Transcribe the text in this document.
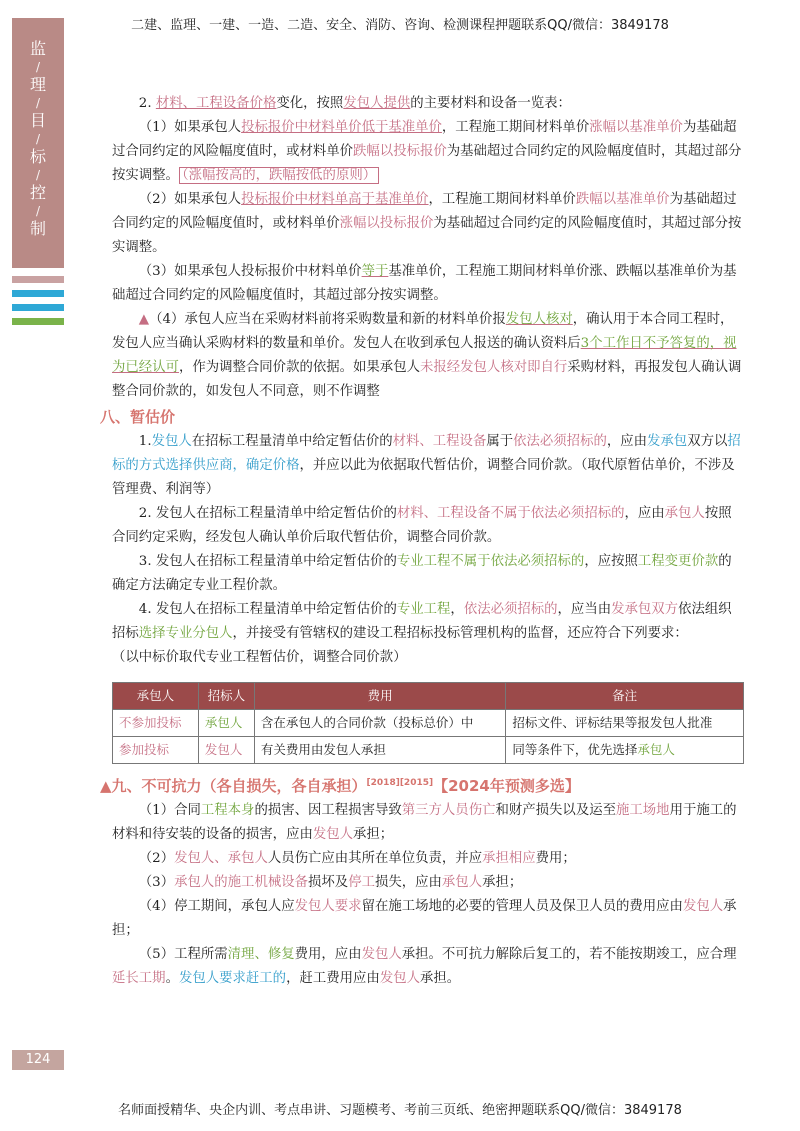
二建、监理、一建、一造、二造、安全、消防、咨询、检测课程押题联系QQ/微信：3849178
监
/
理
/
目
/
标
/
控
/
制

2. 材料、工程设备价格变化，按照发包人提供的主要材料和设备一览表：

（1）如果承包人投标报价中材料单价低于基准单价，工程施工期间材料单价涨幅以基准单价为基础超过合同约定的风险幅度值时，或材料单价跌幅以投标报价为基础超过合同约定的风险幅度值时，其超过部分按实调整。 （涨幅按高的，跌幅按低的原则）

（2）如果承包人投标报价中材料单高于基准单价，工程施工期间材料单价跌幅以基准单价为基础超过合同约定的风险幅度值时，或材料单价涨幅以投标报价为基础超过合同约定的风险幅度值时，其超过部分按实调整。

（3）如果承包人投标报价中材料单价等于基准单价，工程施工期间材料单价涨、跌幅以基准单价为基础超过合同约定的风险幅度值时，其超过部分按实调整。

▲（4）承包人应当在采购材料前将采购数量和新的材料单价报发包人核对，确认用于本合同工程时，发包人应当确认采购材料的数量和单价。发包人在收到承包人报送的确认资料后3个工作日不予答复的，视为已经认可，作为调整合同价款的依据。如果承包人未报经发包人核对即自行采购材料，再报发包人确认调整合同价款的，如发包人不同意，则不作调整

八、暂估价

1.发包人在招标工程量清单中给定暂估价的材料、工程设备属于依法必须招标的，应由发承包双方以招标的方式选择供应商，确定价格，并应以此为依据取代暂估价，调整合同价款。（取代原暂估单价，不涉及管理费、利润等）

2. 发包人在招标工程量清单中给定暂估价的材料、工程设备不属于依法必须招标的，应由承包人按照合同约定采购，经发包人确认单价后取代暂估价，调整合同价款。

3. 发包人在招标工程量清单中给定暂估价的专业工程不属于依法必须招标的，应按照工程变更价款的确定方法确定专业工程价款。

4. 发包人在招标工程量清单中给定暂估价的专业工程，依法必须招标的，应当由发承包双方依法组织招标选择专业分包人，并接受有管辖权的建设工程招标投标管理机构的监督，还应符合下列要求：

（以中标价取代专业工程暂估价，调整合同价款）

承包人	招标人	费用	备注
不参加投标	承包人	含在承包人的合同价款（投标总价）中	招标文件、评标结果等报发包人批准
参加投标	发包人	有关费用由发包人承担	同等条件下，优先选择承包人

▲九、不可抗力（各自损失，各自承担）[2018][2015]【2024年预测多选】

（1）合同工程本身的损害、因工程损害导致第三方人员伤亡和财产损失以及运至施工场地用于施工的材料和待安装的设备的损害，应由发包人承担；

（2）发包人、承包人人员伤亡应由其所在单位负责，并应承担相应费用；

（3）承包人的施工机械设备损坏及停工损失，应由承包人承担；

（4）停工期间，承包人应发包人要求留在施工场地的必要的管理人员及保卫人员的费用应由发包人承担；

（5）工程所需清理、修复费用，应由发包人承担。不可抗力解除后复工的，若不能按期竣工，应合理延长工期。发包人要求赶工的，赶工费用应由发包人承担。

124
名师面授精华、央企内训、考点串讲、习题模考、考前三页纸、绝密押题联系QQ/微信：3849178
